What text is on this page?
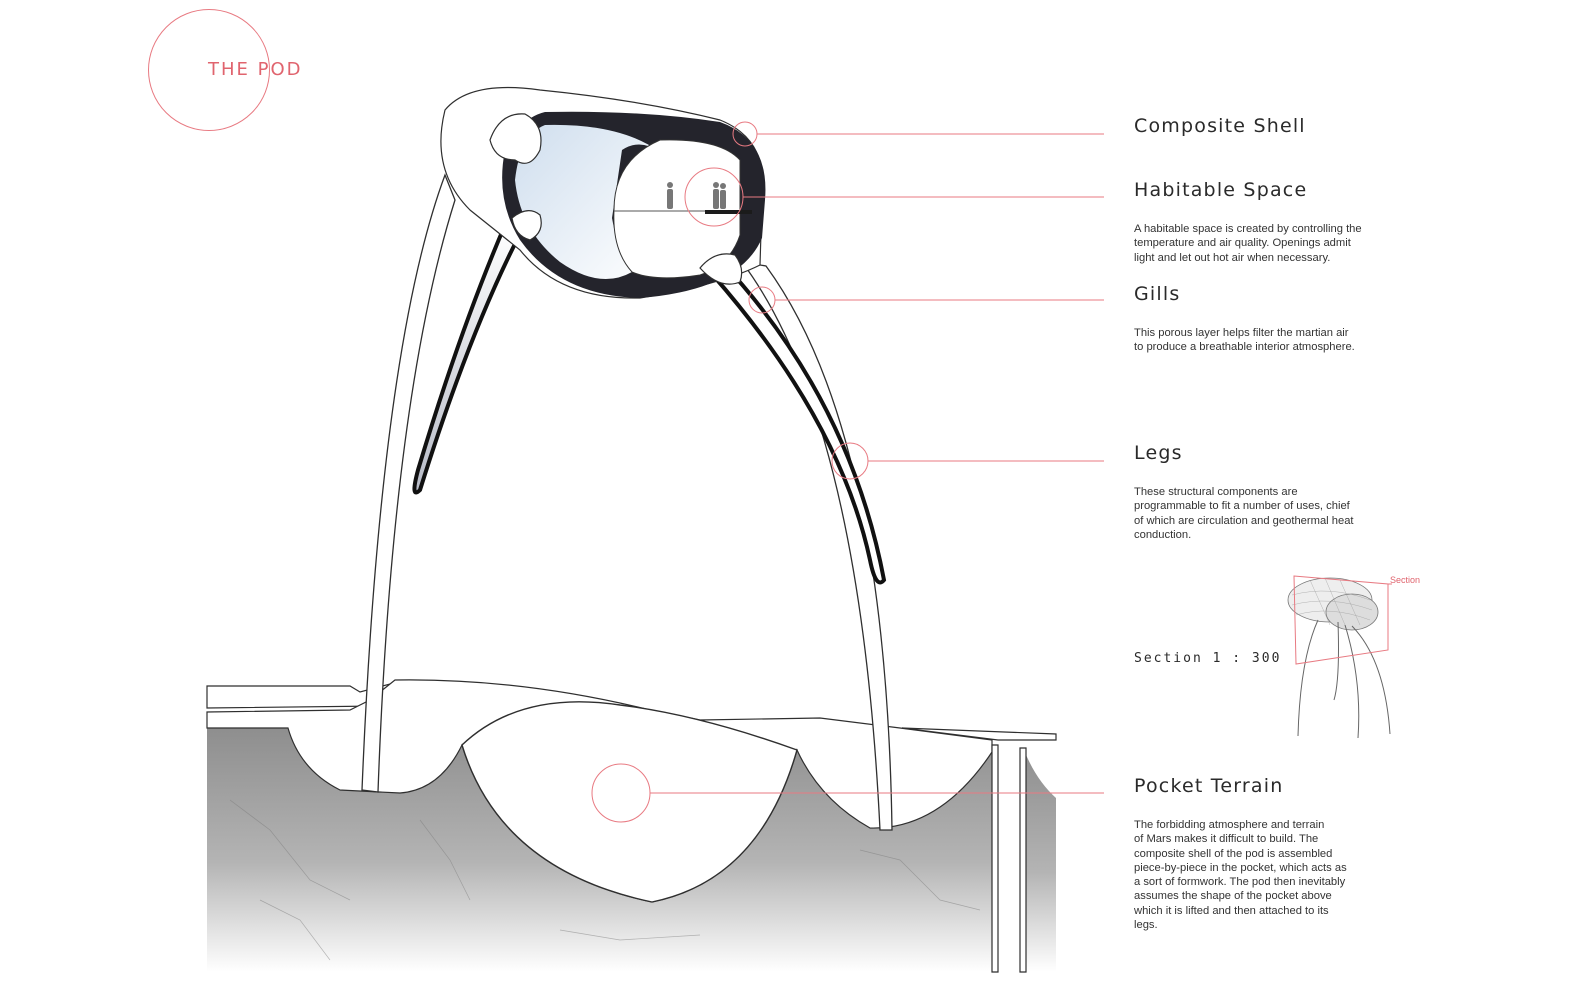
THE POD
Composite Shell
Habitable Space
A habitable space is created by controlling the
temperature and air quality. Openings admit
light and let out hot air when necessary.
Gills
This porous layer helps filter the martian air
to produce a breathable interior atmosphere.
Legs
These structural components are
programmable to fit a number of uses, chief
of which are circulation and geothermal heat
conduction.
Section 1 : 300
Section
Pocket Terrain
The forbidding atmosphere and terrain
of Mars makes it difficult to build. The
composite shell of the pod is assembled
piece-by-piece in the pocket, which acts as
a sort of formwork. The pod then inevitably
assumes the shape of the pocket above
which it is lifted and then attached to its
legs.
